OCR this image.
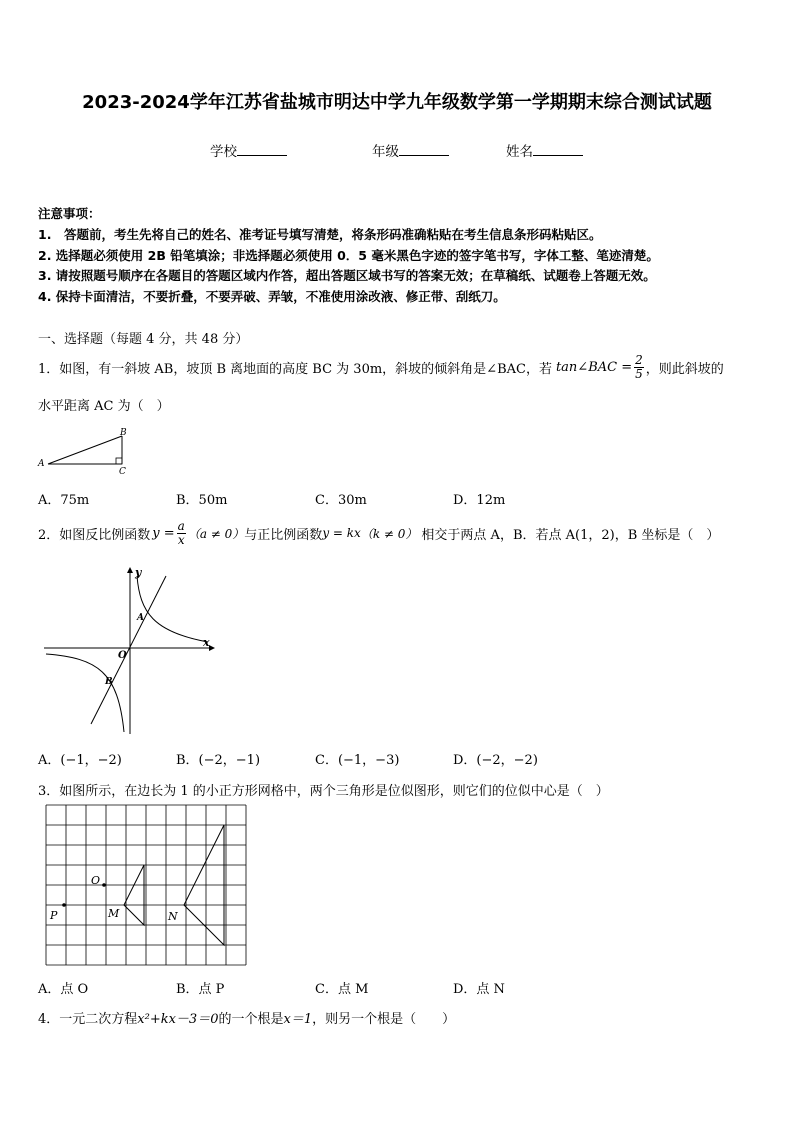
2023-2024学年江苏省盐城市明达中学九年级数学第一学期期末综合测试试题
学校	年级	姓名
注意事项：
1.　答题前，考生先将自己的姓名、准考证号填写清楚，将条形码准确粘贴在考生信息条形码粘贴区。
2. 选择题必须使用 2B 铅笔填涂；非选择题必须使用 0．5 毫米黑色字迹的签字笔书写，字体工整、笔迹清楚。
3. 请按照题号顺序在各题目的答题区域内作答，超出答题区域书写的答案无效；在草稿纸、试题卷上答题无效。
4. 保持卡面清洁，不要折叠，不要弄破、弄皱，不准使用涂改液、修正带、刮纸刀。
一、选择题（每题 4 分，共 48 分）
1．如图，有一斜坡 AB，坡顶 B 离地面的高度 BC 为 30m，斜坡的倾斜角是∠BAC，若 tan∠BAC = $\frac{2}{5}$ ，则此斜坡的
水平距离 AC 为（　）
A
B
C
A．75m	B．50m	C．30m	D．12m
2．如图反比例函数 $y = \frac{a}{x} (a \ne 0)$ 与正比例函数 y = kx （k ≠ 0） 相交于两点 A，B．若点 A(1，2)，B 坐标是（　）
y
x
O
A
B
A．(−1，−2)	B．(−2，−1)	C．(−1，−3)	D．(−2，−2)
3．如图所示，在边长为 1 的小正方形网格中，两个三角形是位似图形，则它们的位似中心是（　）
P
O
M	N
A．点 O	B．点 P	C．点 M	D．点 N
4．一元二次方程x²+kx－3＝0的一个根是x＝1，则另一个根是（　　）
